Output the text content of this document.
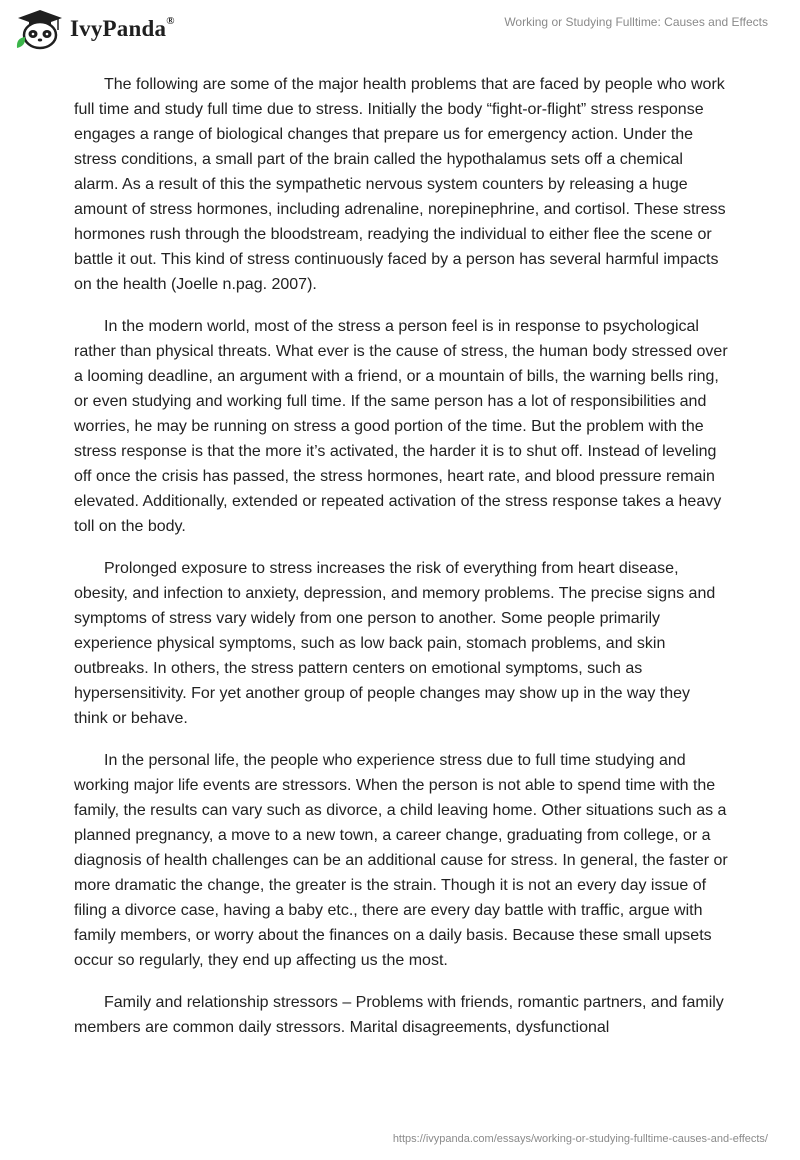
IvyPanda®	Working or Studying Fulltime: Causes and Effects

The following are some of the major health problems that are faced by people who work full time and study full time due to stress. Initially the body “fight-or-flight” stress response engages a range of biological changes that prepare us for emergency action. Under the stress conditions, a small part of the brain called the hypothalamus sets off a chemical alarm. As a result of this the sympathetic nervous system counters by releasing a huge amount of stress hormones, including adrenaline, norepinephrine, and cortisol. These stress hormones rush through the bloodstream, readying the individual to either flee the scene or battle it out. This kind of stress continuously faced by a person has several harmful impacts on the health (Joelle n.pag. 2007).

In the modern world, most of the stress a person feel is in response to psychological rather than physical threats. What ever is the cause of stress, the human body stressed over a looming deadline, an argument with a friend, or a mountain of bills, the warning bells ring, or even studying and working full time. If the same person has a lot of responsibilities and worries, he may be running on stress a good portion of the time. But the problem with the stress response is that the more it’s activated, the harder it is to shut off. Instead of leveling off once the crisis has passed, the stress hormones, heart rate, and blood pressure remain elevated. Additionally, extended or repeated activation of the stress response takes a heavy toll on the body.

Prolonged exposure to stress increases the risk of everything from heart disease, obesity, and infection to anxiety, depression, and memory problems. The precise signs and symptoms of stress vary widely from one person to another. Some people primarily experience physical symptoms, such as low back pain, stomach problems, and skin outbreaks. In others, the stress pattern centers on emotional symptoms, such as hypersensitivity. For yet another group of people changes may show up in the way they think or behave.

In the personal life, the people who experience stress due to full time studying and working major life events are stressors. When the person is not able to spend time with the family, the results can vary such as divorce, a child leaving home. Other situations such as a planned pregnancy, a move to a new town, a career change, graduating from college, or a diagnosis of health challenges can be an additional cause for stress. In general, the faster or more dramatic the change, the greater is the strain. Though it is not an every day issue of filing a divorce case, having a baby etc., there are every day battle with traffic, argue with family members, or worry about the finances on a daily basis. Because these small upsets occur so regularly, they end up affecting us the most.

Family and relationship stressors – Problems with friends, romantic partners, and family members are common daily stressors. Marital disagreements, dysfunctional

https://ivypanda.com/essays/working-or-studying-fulltime-causes-and-effects/
